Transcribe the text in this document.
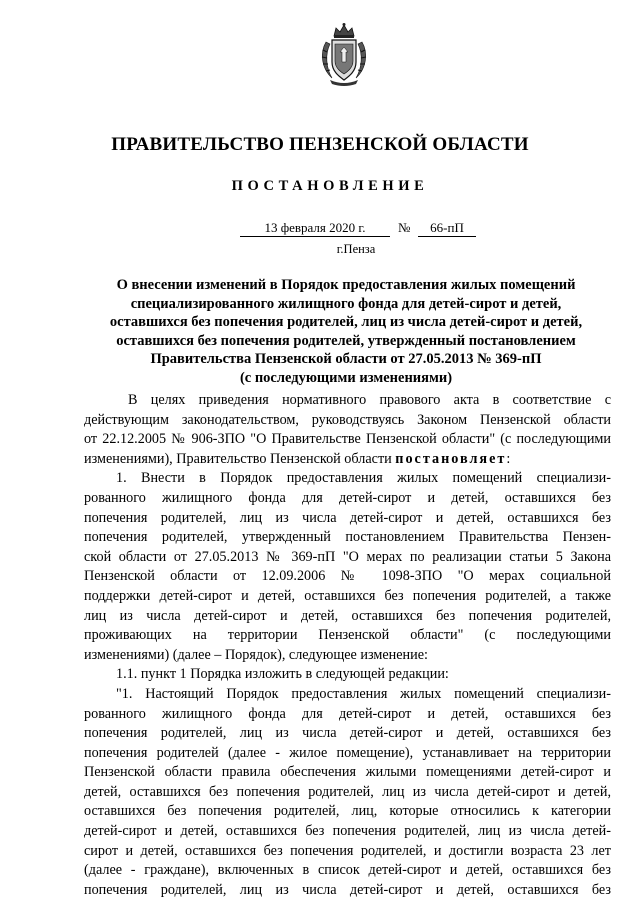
ПРАВИТЕЛЬСТВО ПЕНЗЕНСКОЙ ОБЛАСТИ
ПОСТАНОВЛЕНИЕ
13 февраля 2020 г.	№	66-пП
г.Пенза
О внесении изменений в Порядок предоставления жилых помещений
специализированного жилищного фонда для детей-сирот и детей,
оставшихся без попечения родителей, лиц из числа детей-сирот и детей,
оставшихся без попечения родителей, утвержденный постановлением
Правительства Пензенской области от 27.05.2013 № 369-пП
(с последующими изменениями)
В целях приведения нормативного правового акта в соответствие с
действующим законодательством, руководствуясь Законом Пензенской области
от 22.12.2005 № 906-ЗПО "О Правительстве Пензенской области" (с последующими
изменениями), Правительство Пензенской области постановляет:
1. Внести в Порядок предоставления жилых помещений специализи-
рованного жилищного фонда для детей-сирот и детей, оставшихся без
попечения родителей, лиц из числа детей-сирот и детей, оставшихся без
попечения родителей, утвержденный постановлением Правительства Пензен-
ской области от 27.05.2013 № 369-пП "О мерах по реализации статьи 5 Закона
Пензенской области от 12.09.2006 № 1098-ЗПО "О мерах социальной
поддержки детей-сирот и детей, оставшихся без попечения родителей, а также
лиц из числа детей-сирот и детей, оставшихся без попечения родителей,
проживающих на территории Пензенской области" (с последующими
изменениями) (далее – Порядок), следующее изменение:
1.1. пункт 1 Порядка изложить в следующей редакции:
"1. Настоящий Порядок предоставления жилых помещений специализи-
рованного жилищного фонда для детей-сирот и детей, оставшихся без
попечения родителей, лиц из числа детей-сирот и детей, оставшихся без
попечения родителей (далее - жилое помещение), устанавливает на территории
Пензенской области правила обеспечения жилыми помещениями детей-сирот и
детей, оставшихся без попечения родителей, лиц из числа детей-сирот и детей,
оставшихся без попечения родителей, лиц, которые относились к категории
детей-сирот и детей, оставшихся без попечения родителей, лиц из числа детей-
сирот и детей, оставшихся без попечения родителей, и достигли возраста 23 лет
(далее - граждане), включенных в список детей-сирот и детей, оставшихся без
попечения родителей, лиц из числа детей-сирот и детей, оставшихся без
